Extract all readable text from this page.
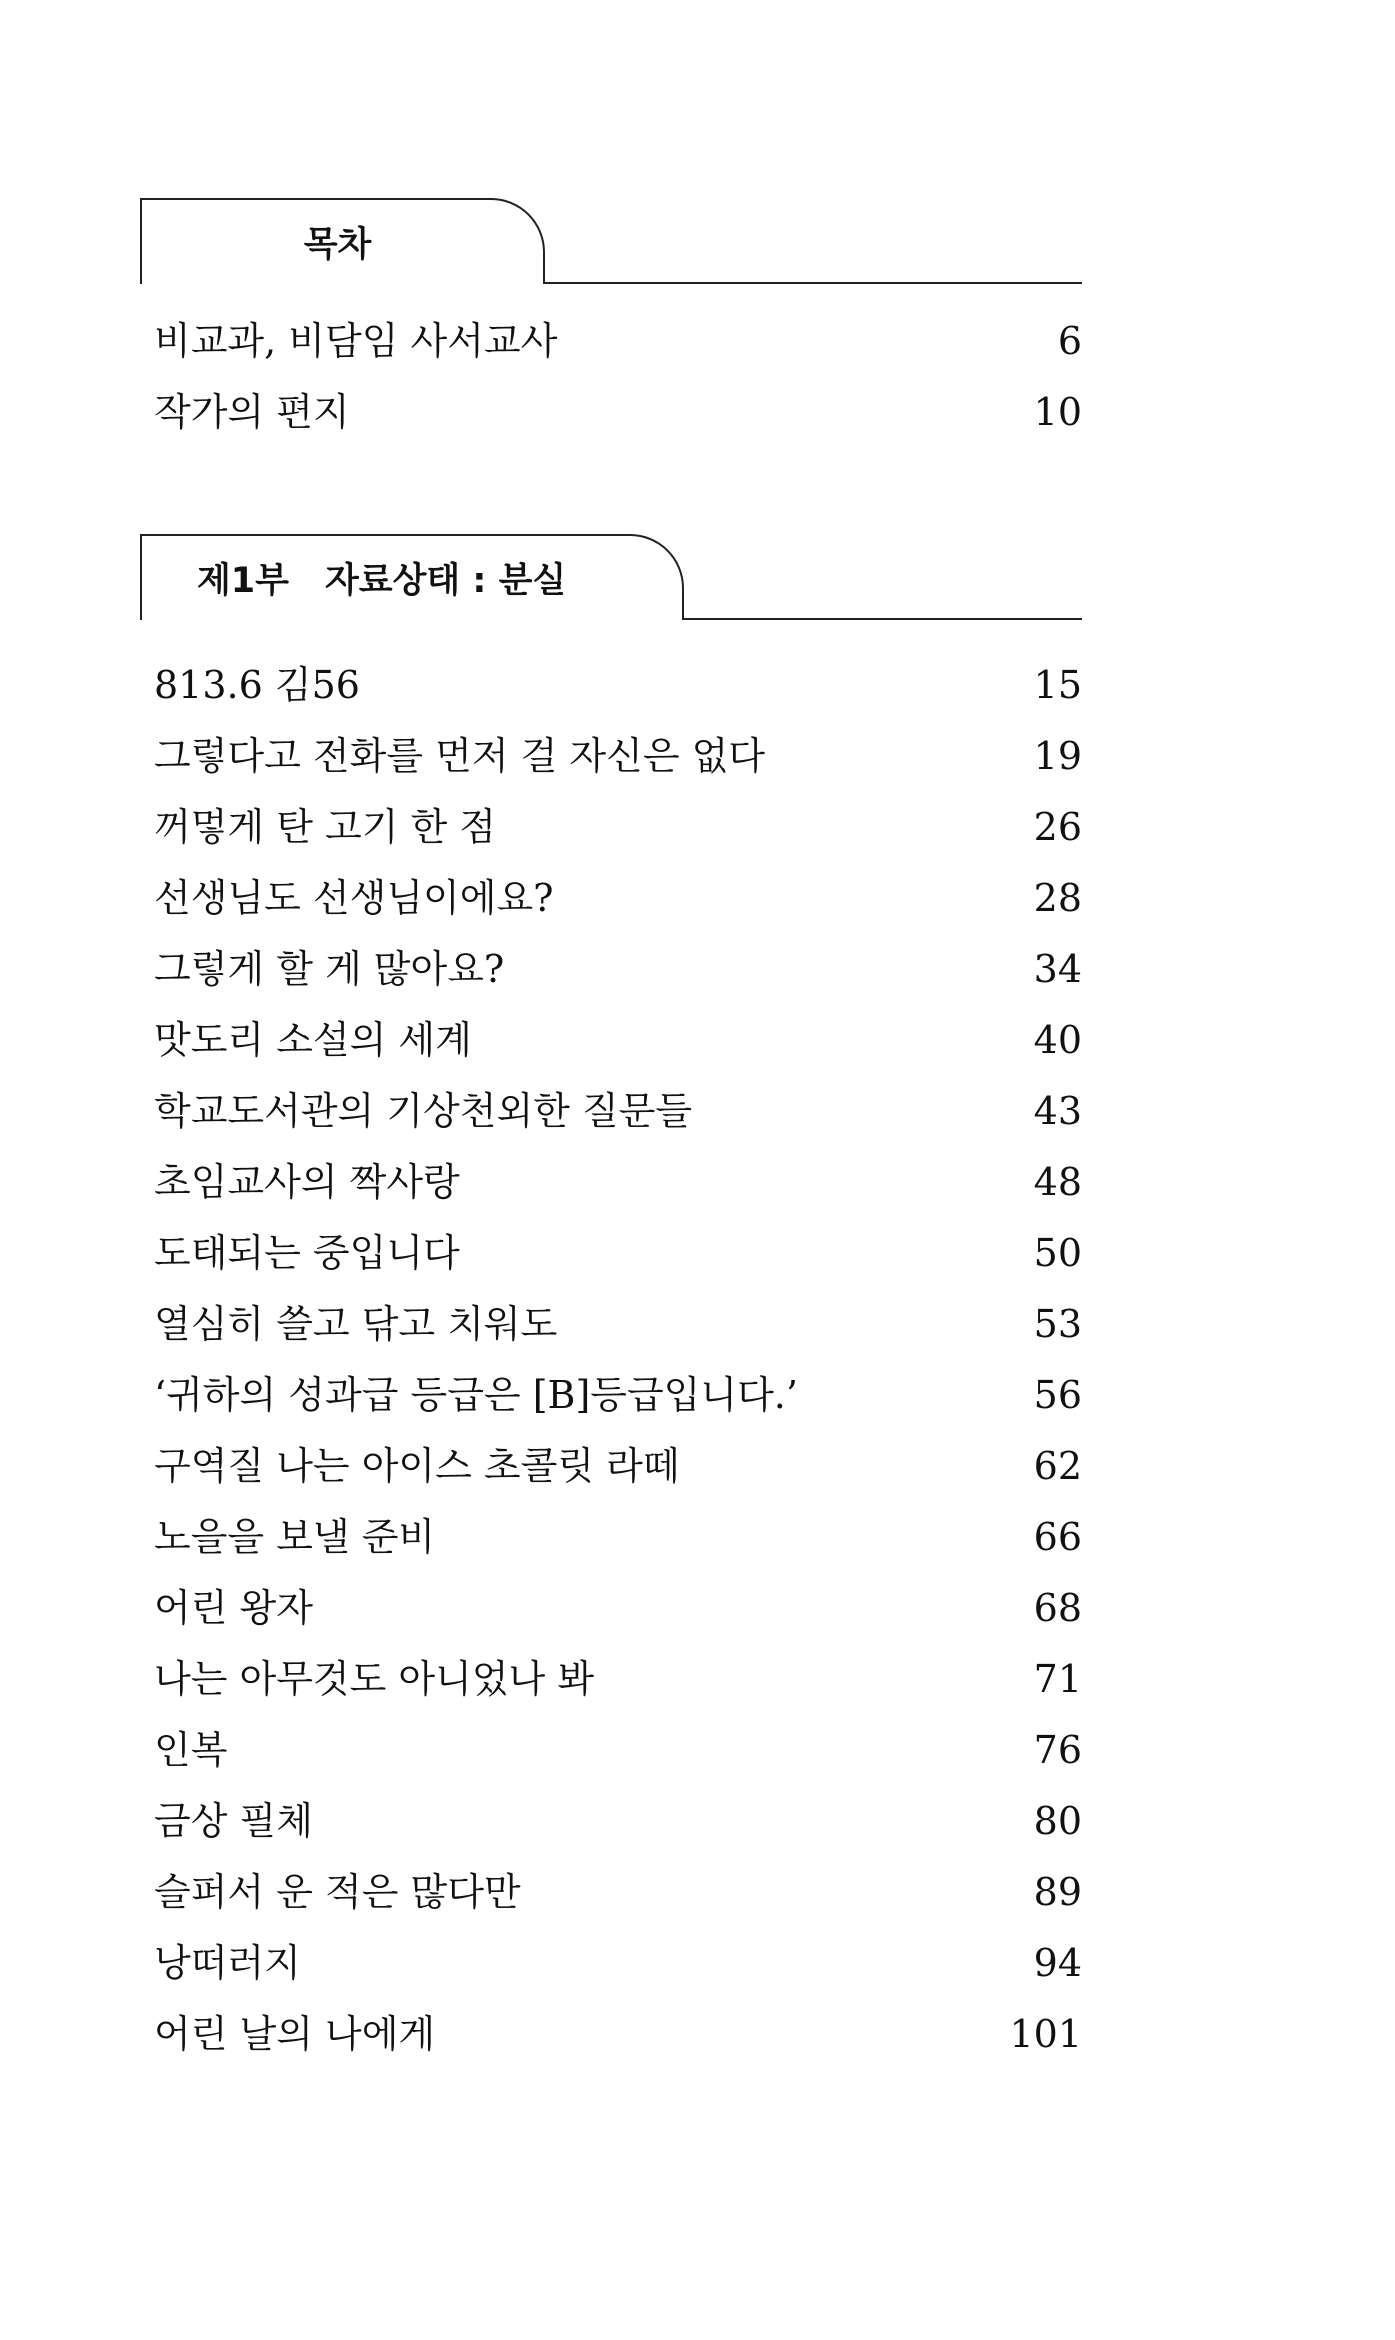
목차
비교과, 비담임 사서교사	6
작가의 편지	10
제1부 자료상태 : 분실
813.6 김56	15
그렇다고 전화를 먼저 걸 자신은 없다	19
꺼멓게 탄 고기 한 점	26
선생님도 선생님이에요?	28
그렇게 할 게 많아요?	34
맛도리 소설의 세계	40
학교도서관의 기상천외한 질문들	43
초임교사의 짝사랑	48
도태되는 중입니다	50
열심히 쓸고 닦고 치워도	53
‘귀하의 성과급 등급은 [B]등급입니다.’	56
구역질 나는 아이스 초콜릿 라떼	62
노을을 보낼 준비	66
어린 왕자	68
나는 아무것도 아니었나 봐	71
인복	76
금상 필체	80
슬퍼서 운 적은 많다만	89
낭떠러지	94
어린 날의 나에게	101
